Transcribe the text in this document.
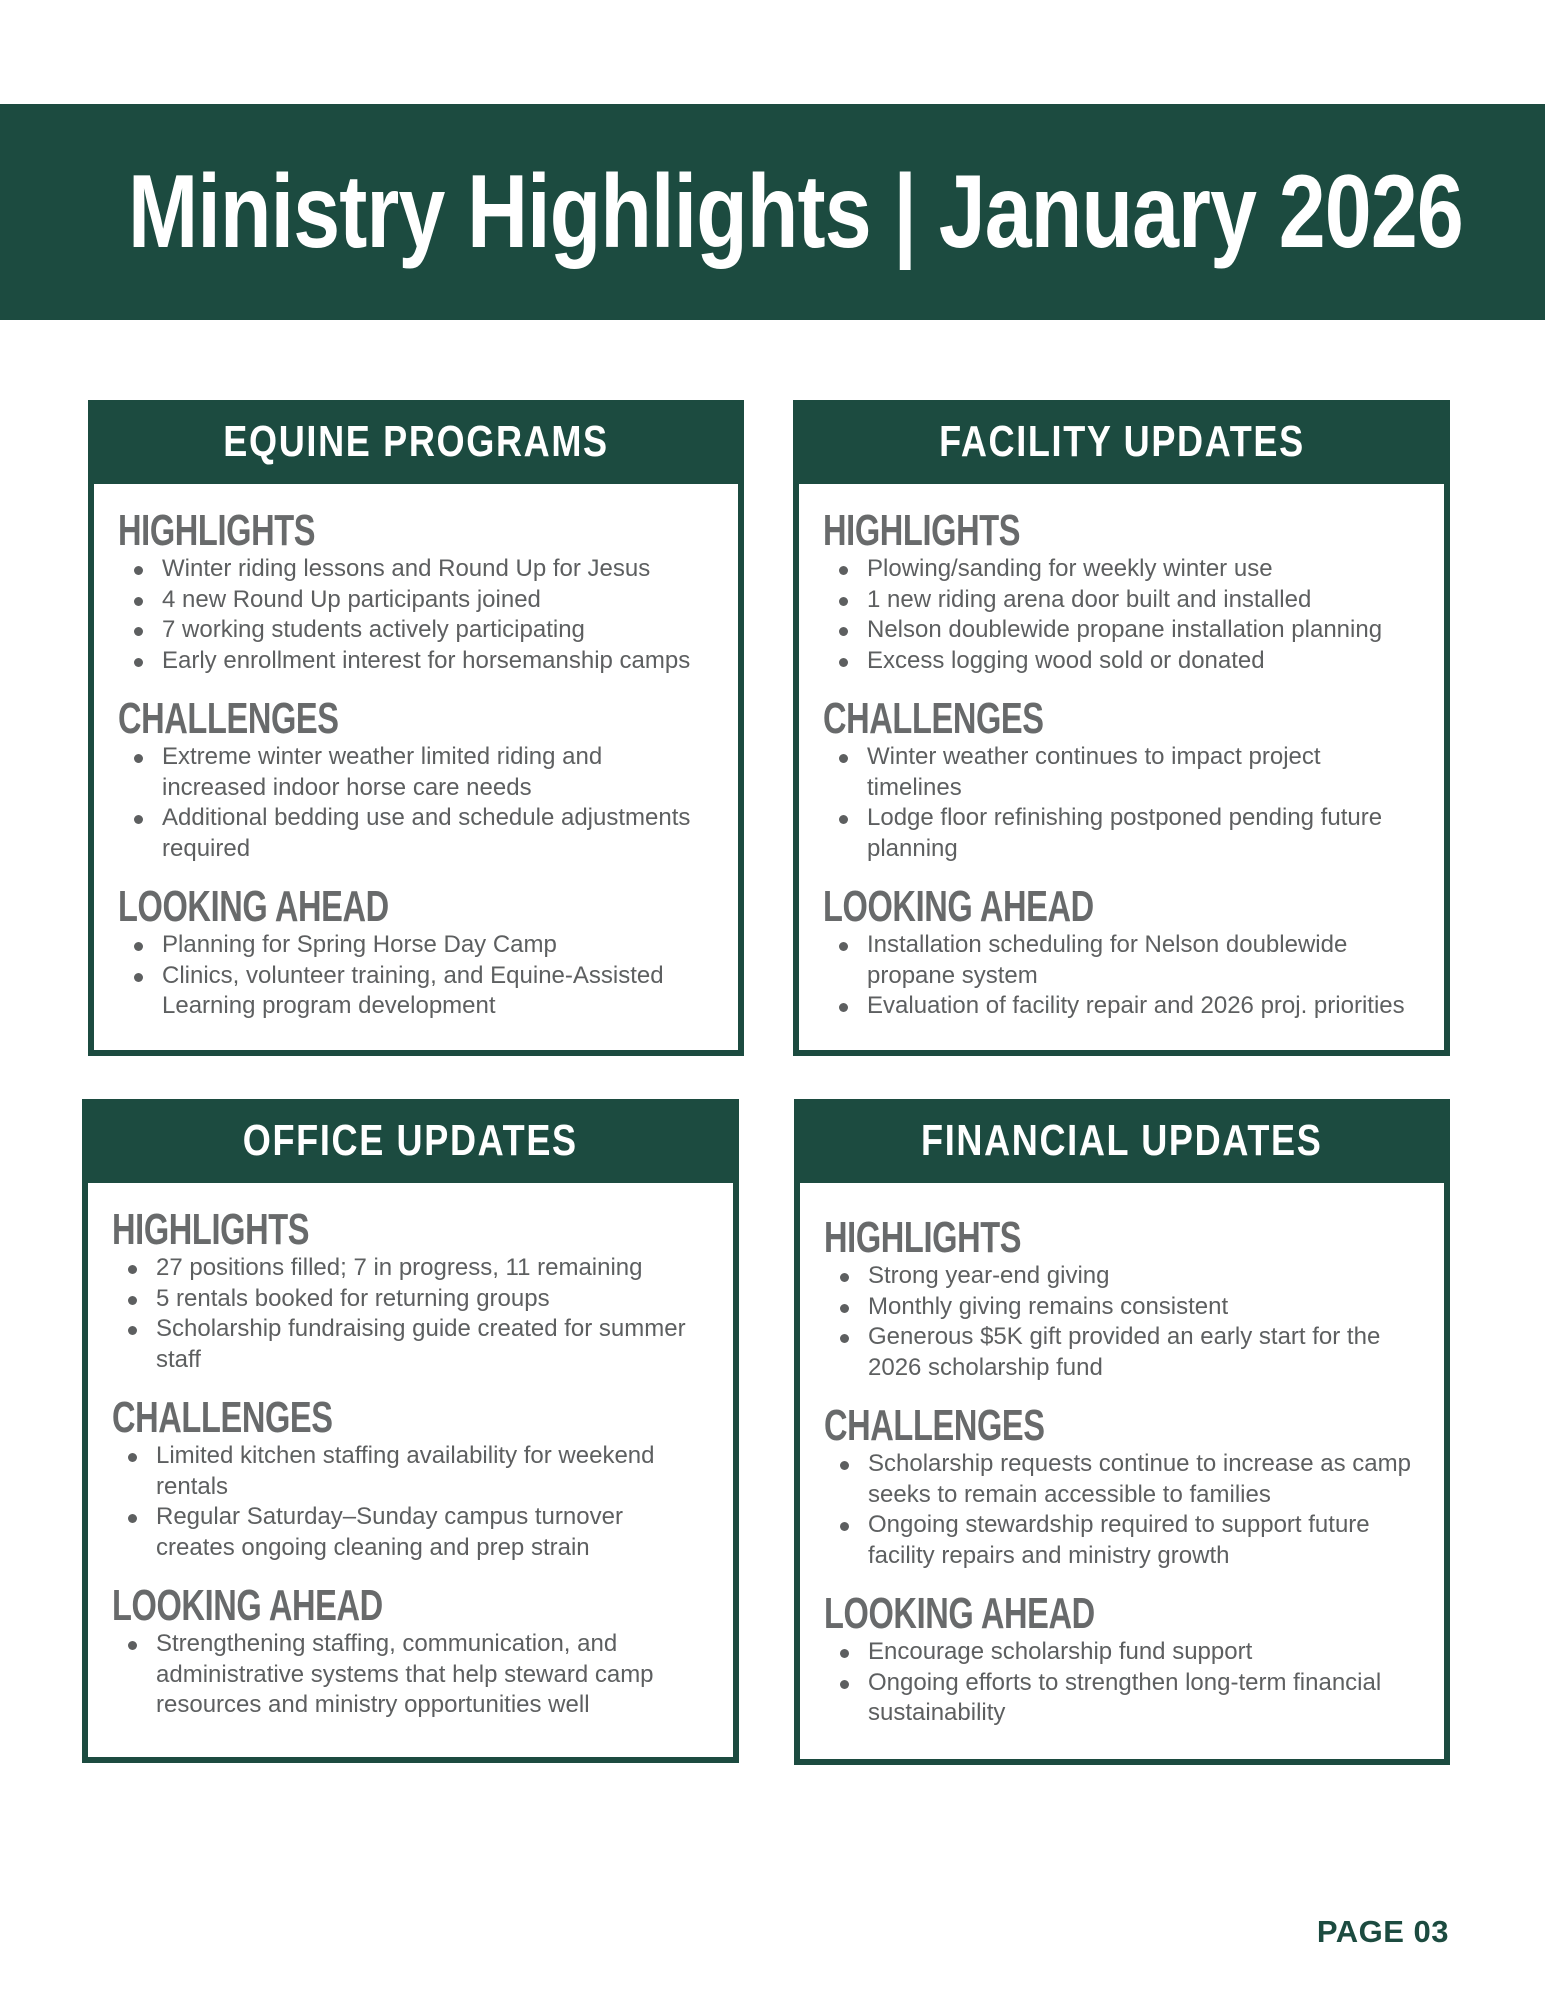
Ministry Highlights | January 2026
EQUINE PROGRAMS
HIGHLIGHTS
Winter riding lessons and Round Up for Jesus
4 new Round Up participants joined
7 working students actively participating
Early enrollment interest for horsemanship camps
CHALLENGES
Extreme winter weather limited riding and
increased indoor horse care needs
Additional bedding use and schedule adjustments
required
LOOKING AHEAD
Planning for Spring Horse Day Camp
Clinics, volunteer training, and Equine-Assisted
Learning program development
FACILITY UPDATES
HIGHLIGHTS
Plowing/sanding for weekly winter use
1 new riding arena door built and installed
Nelson doublewide propane installation planning
Excess logging wood sold or donated
CHALLENGES
Winter weather continues to impact project
timelines
Lodge floor refinishing postponed pending future
planning
LOOKING AHEAD
Installation scheduling for Nelson doublewide
propane system
Evaluation of facility repair and 2026 proj. priorities
OFFICE UPDATES
HIGHLIGHTS
27 positions filled; 7 in progress, 11 remaining
5 rentals booked for returning groups
Scholarship fundraising guide created for summer
staff
CHALLENGES
Limited kitchen staffing availability for weekend
rentals
Regular Saturday–Sunday campus turnover
creates ongoing cleaning and prep strain
LOOKING AHEAD
Strengthening staffing, communication, and
administrative systems that help steward camp
resources and ministry opportunities well
FINANCIAL UPDATES
HIGHLIGHTS
Strong year-end giving
Monthly giving remains consistent
Generous $5K gift provided an early start for the
2026 scholarship fund
CHALLENGES
Scholarship requests continue to increase as camp
seeks to remain accessible to families
Ongoing stewardship required to support future
facility repairs and ministry growth
LOOKING AHEAD
Encourage scholarship fund support
Ongoing efforts to strengthen long-term financial
sustainability
PAGE 03
